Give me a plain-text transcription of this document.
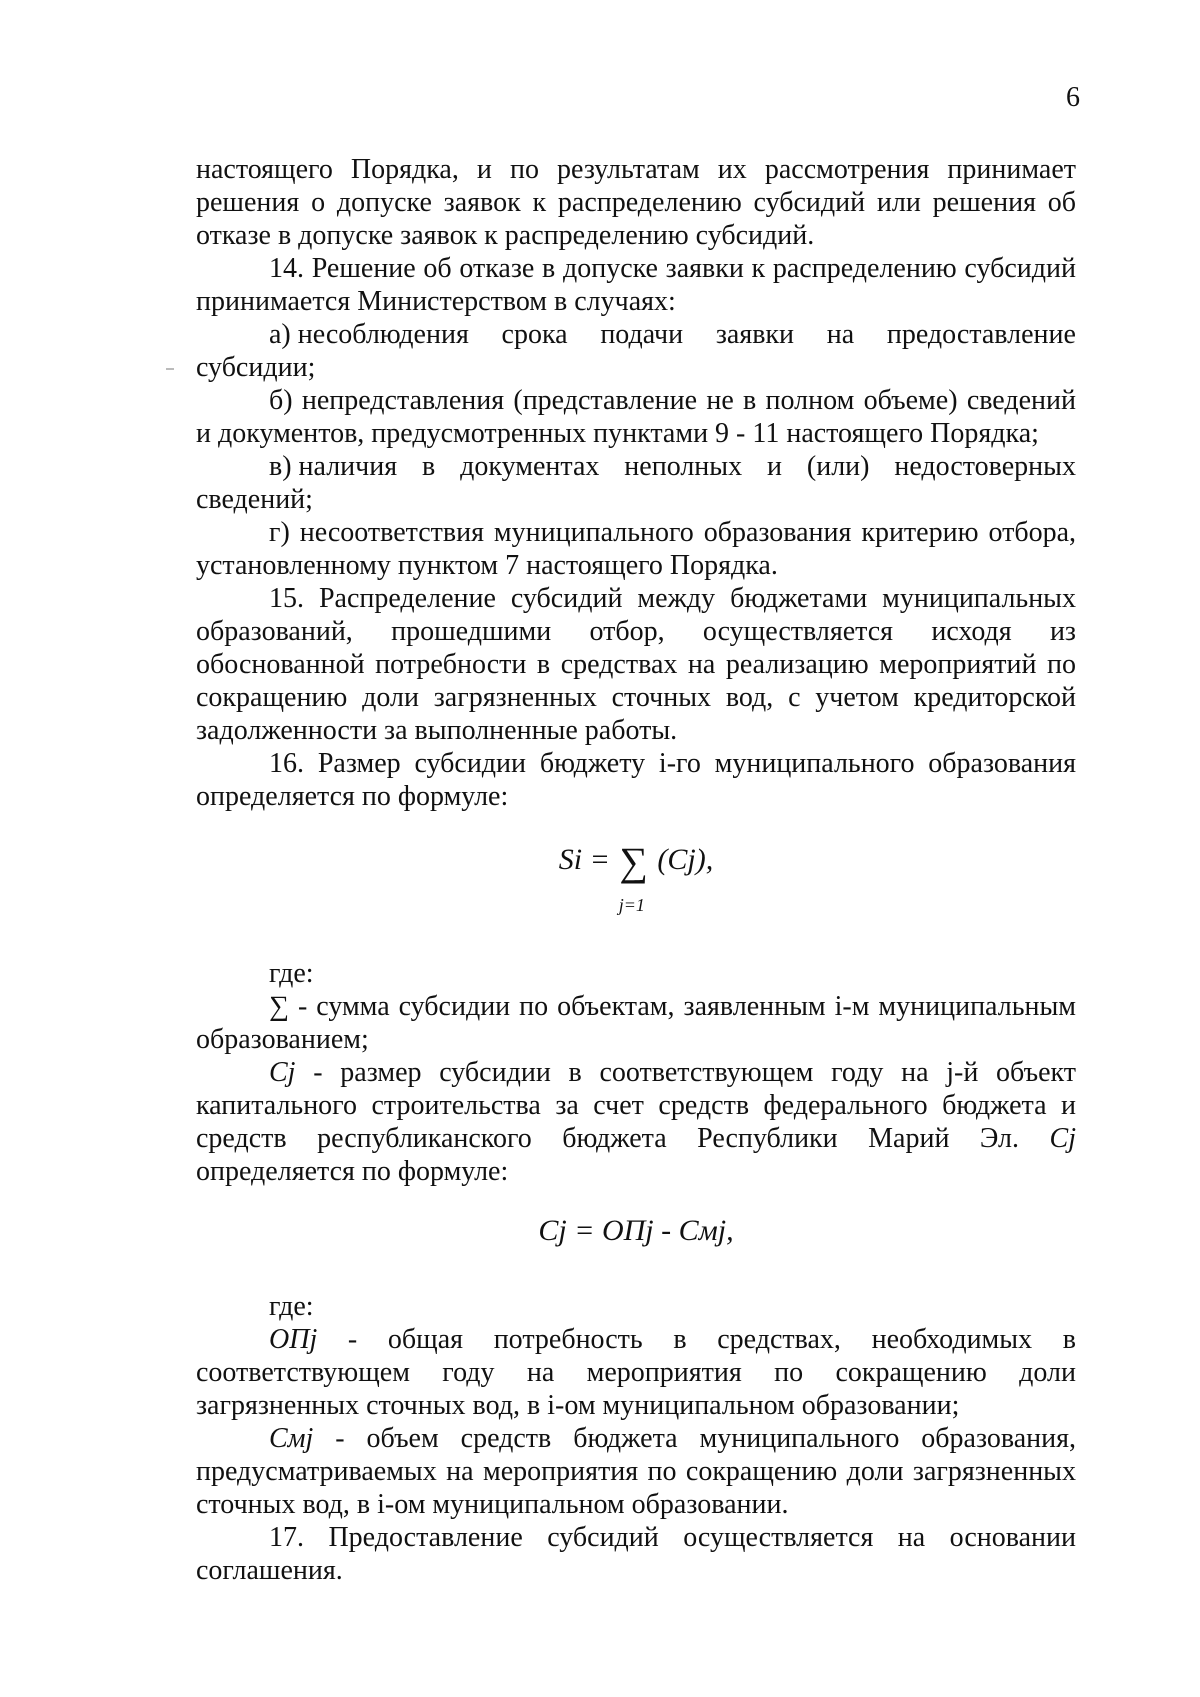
6

настоящего Порядка, и по результатам их рассмотрения принимает решения о допуске заявок к распределению субсидий или решения об отказе в допуске заявок к распределению субсидий.

14. Решение об отказе в допуске заявки к распределению субсидий принимается Министерством в случаях:

а) несоблюдения срока подачи заявки на предоставление

субсидии;

б) непредставления (представление не в полном объеме) сведений и документов, предусмотренных пунктами 9 - 11 настоящего Порядка;

в) наличия в документах неполных и (или) недостоверных

сведений;

г) несоответствия муниципального образования критерию отбора, установленному пунктом 7 настоящего Порядка.

15. Распределение субсидий между бюджетами муниципальных образований, прошедшими отбор, осуществляется исходя из обоснованной потребности в средствах на реализацию мероприятий по сокращению доли загрязненных сточных вод, с учетом кредиторской задолженности за выполненные работы.

16. Размер субсидии бюджету i-го муниципального образования определяется по формуле:

Si = ∑ (Cj),
j=1

где:

∑ - сумма субсидии по объектам, заявленным i-м муниципальным образованием;

Cj - размер субсидии в соответствующем году на j-й объект капитального строительства за счет средств федерального бюджета и средств республиканского бюджета Республики Марий Эл. Cj определяется по формуле:

Cj = ОПj - Смj,

где:

ОПj - общая потребность в средствах, необходимых в соответствующем году на мероприятия по сокращению доли загрязненных сточных вод, в i-ом муниципальном образовании;

Смj - объем средств бюджета муниципального образования, предусматриваемых на мероприятия по сокращению доли загрязненных сточных вод, в i-ом муниципальном образовании.

17. Предоставление субсидий осуществляется на основании соглашения.
